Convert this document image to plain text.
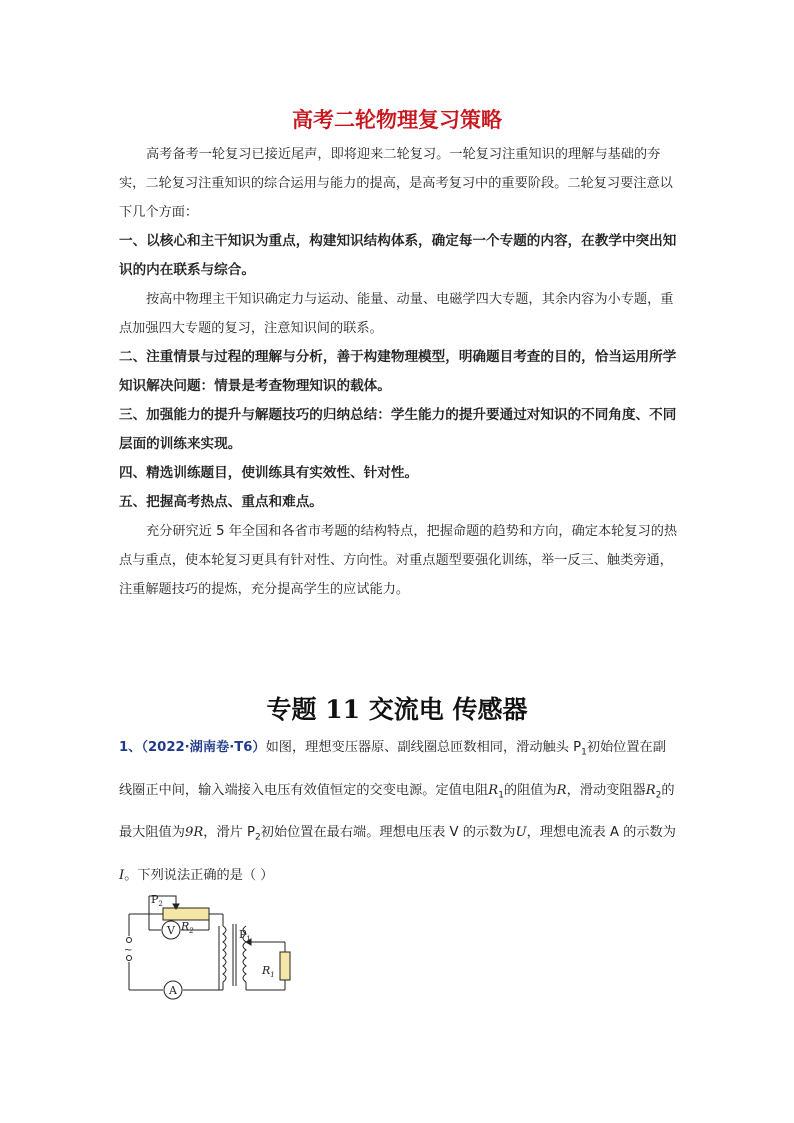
高考二轮物理复习策略

高考备考一轮复习已接近尾声，即将迎来二轮复习。一轮复习注重知识的理解与基础的夯实，二轮复习注重知识的综合运用与能力的提高，是高考复习中的重要阶段。二轮复习要注意以下几个方面：

一、以核心和主干知识为重点，构建知识结构体系，确定每一个专题的内容，在教学中突出知识的内在联系与综合。

按高中物理主干知识确定力与运动、能量、动量、电磁学四大专题，其余内容为小专题，重点加强四大专题的复习，注意知识间的联系。

二、注重情景与过程的理解与分析，善于构建物理模型，明确题目考查的目的，恰当运用所学知识解决问题：情景是考查物理知识的载体。

三、加强能力的提升与解题技巧的归纳总结：学生能力的提升要通过对知识的不同角度、不同层面的训练来实现。

四、精选训练题目，使训练具有实效性、针对性。

五、把握高考热点、重点和难点。

充分研究近 5 年全国和各省市考题的结构特点，把握命题的趋势和方向，确定本轮复习的热点与重点，使本轮复习更具有针对性、方向性。对重点题型要强化训练，举一反三、触类旁通，注重解题技巧的提炼，充分提高学生的应试能力。

专题 11 交流电 传感器

1、（2022·湖南卷·T6）如图，理想变压器原、副线圈总匝数相同，滑动触头 $P_1$初始位置在副线圈正中间，输入端接入电压有效值恒定的交变电源。定值电阻$R_1$的阻值为R，滑动变阻器$R_2$的最大阻值为9R，滑片 $P_2$初始位置在最右端。理想电压表 V 的示数为U，理想电流表 A 的示数为I。下列说法正确的是（ ）

~
V
A
$P_2$
$R_2$	$P_1$
$R_1$
